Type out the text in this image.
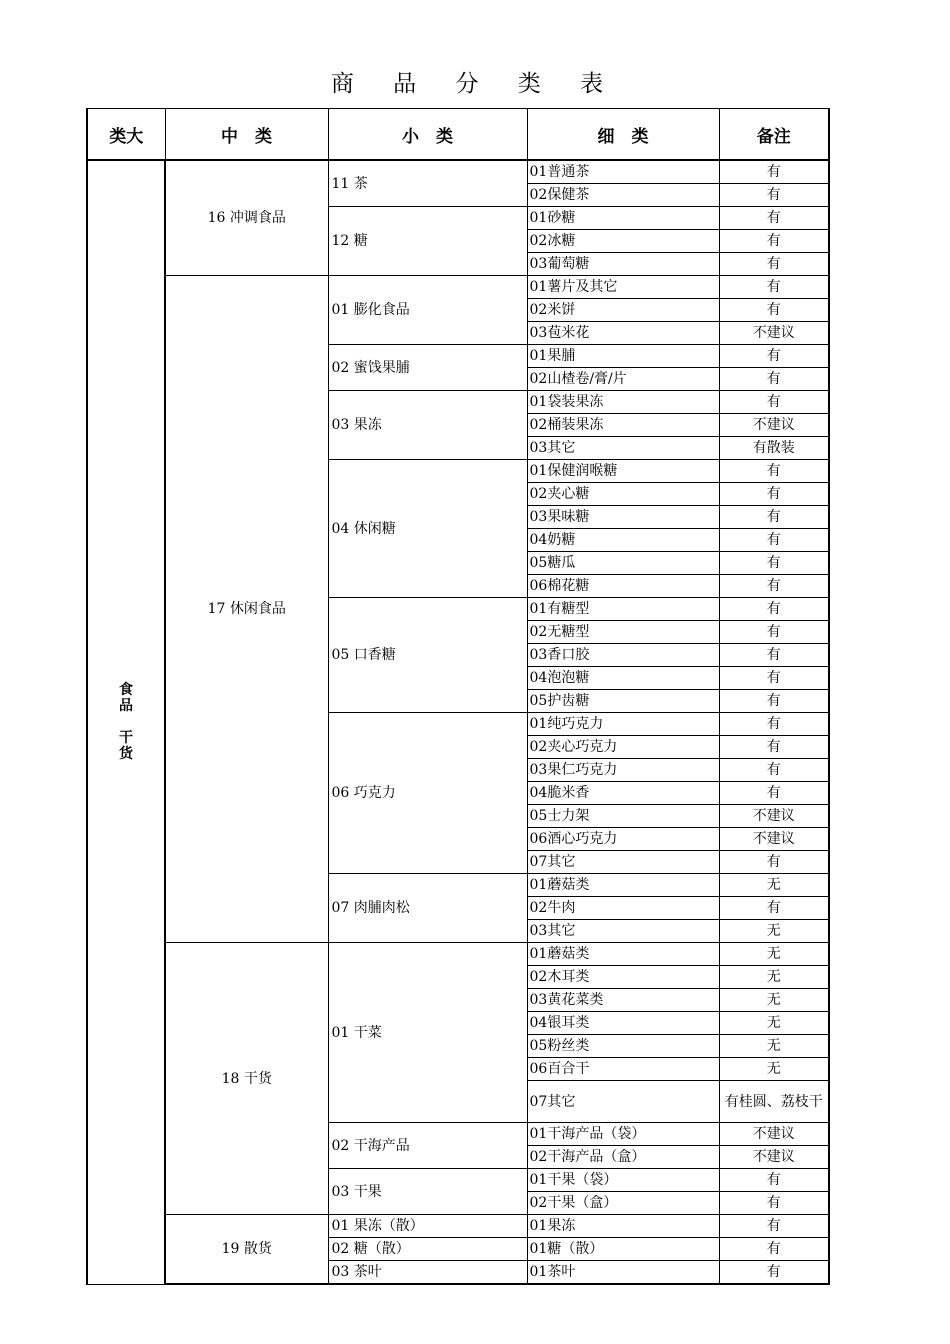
商 品 分 类 表
类大	中　类	小　类	细　类	备注

食
品

干
货	16 冲调食品	11 茶	01普通茶	有
			02保健茶	有
		12 糖	01砂糖	有
			02冰糖	有
			03葡萄糖	有
	17 休闲食品	01 膨化食品	01薯片及其它	有
			02米饼	有
			03苞米花	不建议
		02 蜜饯果脯	01果脯	有
			02山楂卷/膏/片	有
		03 果冻	01袋装果冻	有
			02桶装果冻	不建议
			03其它	有散装
		04 休闲糖	01保健润喉糖	有
			02夹心糖	有
			03果味糖	有
			04奶糖	有
			05糖瓜	有
			06棉花糖	有
		05 口香糖	01有糖型	有
			02无糖型	有
			03香口胶	有
			04泡泡糖	有
			05护齿糖	有
		06 巧克力	01纯巧克力	有
			02夹心巧克力	有
			03果仁巧克力	有
			04脆米香	有
			05士力架	不建议
			06酒心巧克力	不建议
			07其它	有
		07 肉脯肉松	01蘑菇类	无
			02牛肉	有
			03其它	无
	18 干货	01 干菜	01蘑菇类	无
			02木耳类	无
			03黄花菜类	无
			04银耳类	无
			05粉丝类	无
			06百合干	无
			07其它	有桂圆、荔枝干
		02 干海产品	01干海产品（袋）	不建议
			02干海产品（盒）	不建议
		03 干果	01干果（袋）	有
			02干果（盒）	有
	19 散货	01 果冻（散）	01果冻	有
		02 糖（散）	01糖（散）	有
		03 茶叶	01茶叶	有
